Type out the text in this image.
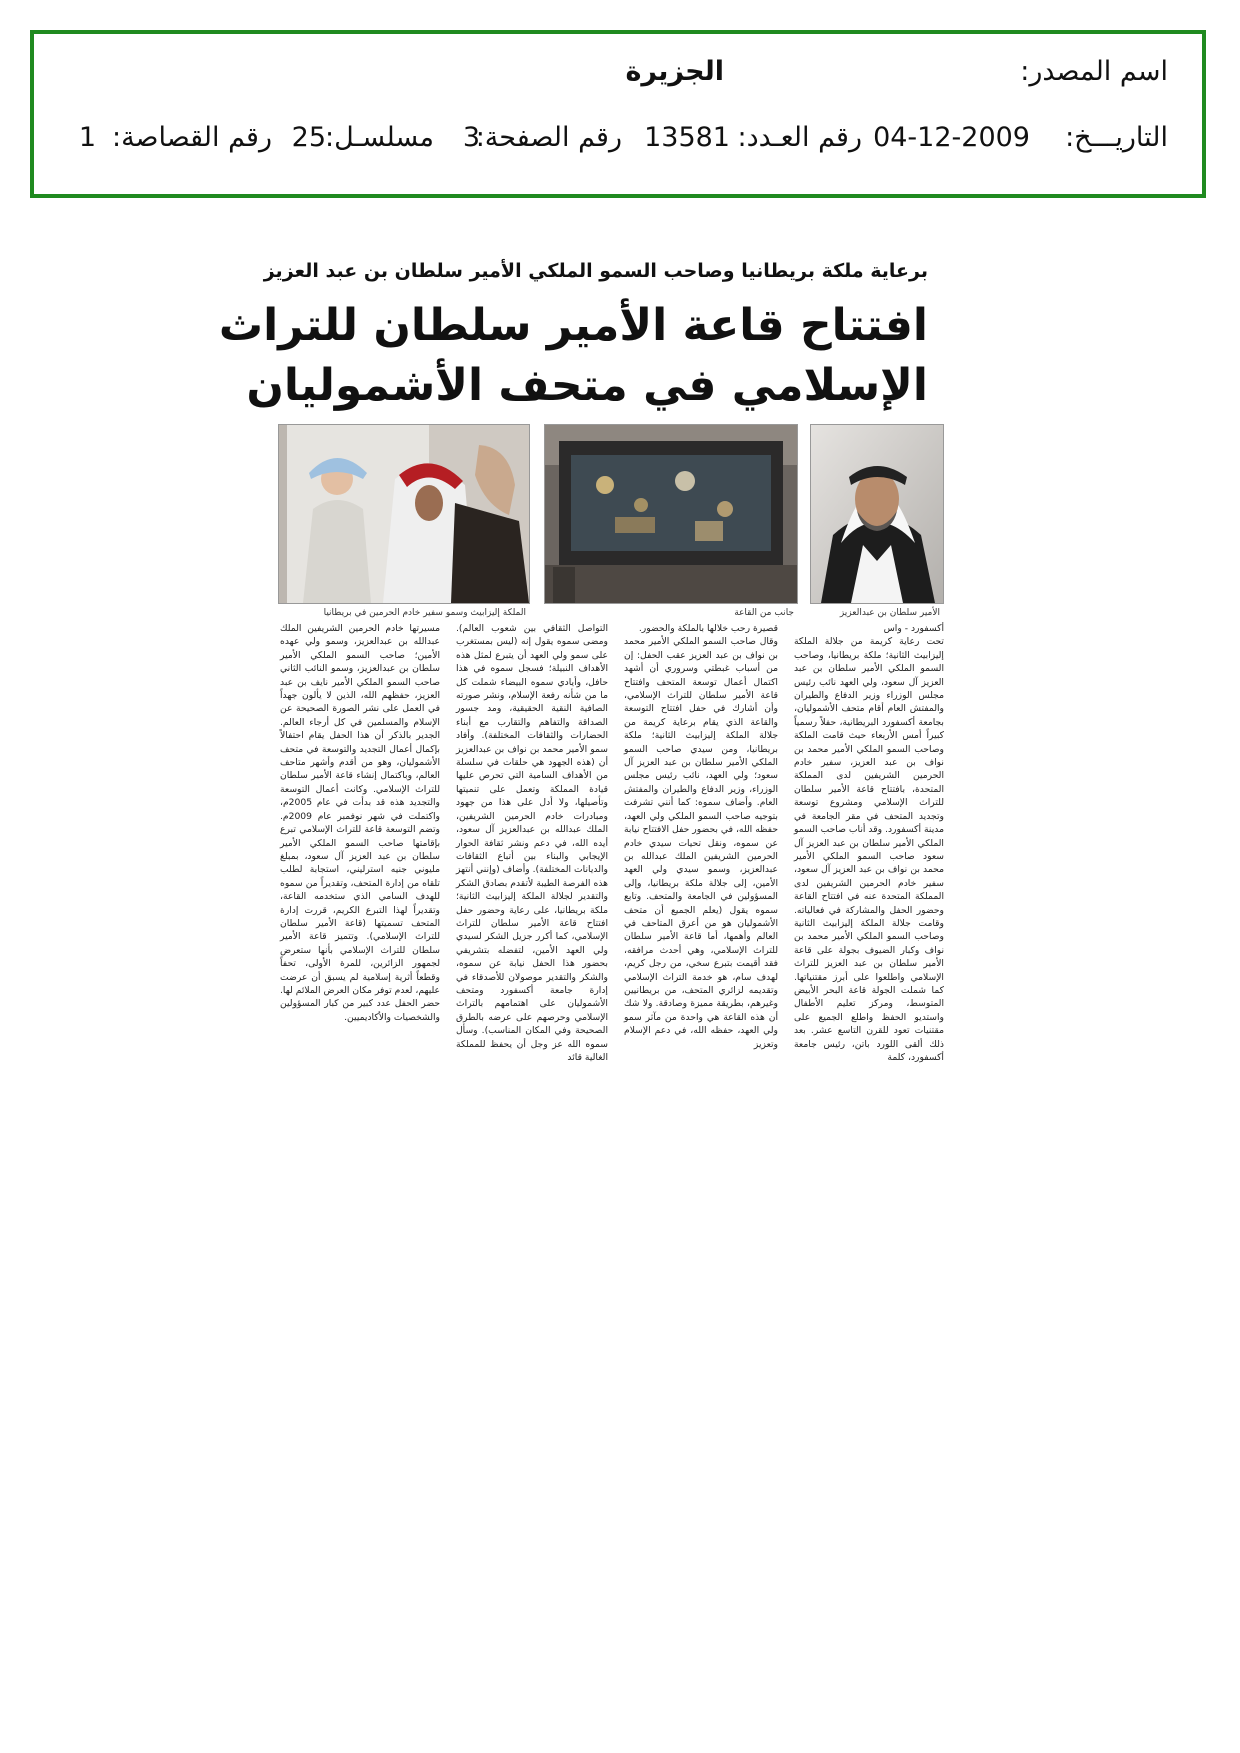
اسم المصدر:
الجزيرة
التاريـــخ:
04-12-2009
رقم العـدد:
13581
رقم الصفحة:
3
مسلسـل:
25
رقم القصاصة:
1
برعاية ملكة بريطانيا وصاحب السمو الملكي الأمير سلطان بن عبد العزيز
افتتاح قاعة الأمير سلطان للتراث
الإسلامي في متحف الأشموليان
الأمير سلطان بن عبدالعزيز
جانب من القاعة
الملكة إليزابيث وسمو سفير خادم الحرمين في بريطانيا
أكسفورد - واس
تحت رعاية كريمة من جلالة الملكة إليزابيث الثانية؛ ملكة بريطانيا، وصاحب السمو الملكي الأمير سلطان بن عبد العزيز آل سعود، ولي العهد نائب رئيس مجلس الوزراء وزير الدفاع والطيران والمفتش العام أقام متحف الأشموليان، بجامعة أكسفورد البريطانية، حفلاً رسمياً كبيراً أمس الأربعاء حيث قامت الملكة وصاحب السمو الملكي الأمير محمد بن نواف بن عبد العزيز، سفير خادم الحرمين الشريفين لدى المملكة المتحدة، بافتتاح قاعة الأمير سلطان للتراث الإسلامي ومشروع توسعة وتجديد المتحف في مقر الجامعة في مدينة أكسفورد. وقد أناب صاحب السمو الملكي الأمير سلطان بن عبد العزيز آل سعود صاحب السمو الملكي الأمير محمد بن نواف بن عبد العزيز آل سعود، سفير خادم الحرمين الشريفين لدى المملكة المتحدة عنه في افتتاح القاعة وحضور الحفل والمشاركة في فعالياته. وقامت جلالة الملكة إليزابيث الثانية وصاحب السمو الملكي الأمير محمد بن نواف وكبار الضيوف بجولة على قاعة الأمير سلطان بن عبد العزيز للتراث الإسلامي واطلعوا على أبرز مقتنياتها. كما شملت الجولة قاعة البحر الأبيض المتوسط، ومركز تعليم الأطفال واستديو الحفظ واطلع الجميع على مقتنيات تعود للقرن التاسع عشر. بعد ذلك ألقى اللورد باتن، رئيس جامعة أكسفورد، كلمة
قصيرة رحب خلالها بالملكة والحضور.
وقال صاحب السمو الملكي الأمير محمد بن نواف بن عبد العزيز عقب الحفل: إن من أسباب غبطتي وسروري أن أشهد اكتمال أعمال توسعة المتحف وافتتاح قاعة الأمير سلطان للتراث الإسلامي، وأن أشارك في حفل افتتاح التوسعة والقاعة الذي يقام برعاية كريمة من جلالة الملكة إليزابيث الثانية؛ ملكة بريطانيا، ومن سيدي صاحب السمو الملكي الأمير سلطان بن عبد العزيز آل سعود؛ ولي العهد، نائب رئيس مجلس الوزراء، وزير الدفاع والطيران والمفتش العام. وأضاف سموه: كما أنني تشرفت بتوجيه صاحب السمو الملكي ولي العهد، حفظه الله، في بحضور حفل الافتتاح نيابة عن سموه، ونقل تحيات سيدي خادم الحرمين الشريفين الملك عبدالله بن عبدالعزيز، وسمو سيدي ولي العهد الأمين، إلى جلالة ملكة بريطانيا، وإلى المسؤولين في الجامعة والمتحف. وتابع سموه يقول (يعلم الجميع أن متحف الأشموليان هو من أعرق المتاحف في العالم وأهمها، أما قاعة الأمير سلطان للتراث الإسلامي، وهي أحدث مرافقه، فقد أقيمت بتبرع سخي، من رجل كريم، لهدف سام، هو خدمة التراث الإسلامي وتقديمه لزائري المتحف، من بريطانيين وغيرهم، بطريقة مميزة وصادقة. ولا شك أن هذه القاعة هي واحدة من مآثر سمو ولي العهد، حفظه الله، في دعم الإسلام وتعزيز
التواصل الثقافي بين شعوب العالم). ومضى سموه يقول إنه (ليس بمستغرب على سمو ولي العهد أن يتبرع لمثل هذه الأهداف النبيلة؛ فسجل سموه في هذا حافل، وأيادي سموه البيضاء شملت كل ما من شأنه رفعة الإسلام، ونشر صورته الصافية النقية الحقيقية، ومد جسور الصداقة والتفاهم والتقارب مع أبناء الحضارات والثقافات المختلفة). وأفاد سمو الأمير محمد بن نواف بن عبدالعزيز أن (هذه الجهود هي حلقات في سلسلة من الأهداف السامية التي تحرص عليها قيادة المملكة وتعمل على تنميتها وتأصيلها، ولا أدل على هذا من جهود ومبادرات خادم الحرمين الشريفين، الملك عبدالله بن عبدالعزيز آل سعود، أيده الله، في دعم ونشر ثقافة الحوار الإيجابي والبناء بين أتباع الثقافات والديانات المختلفة). وأضاف (وإنني أنتهز هذه الفرصة الطيبة لأتقدم بصادق الشكر والتقدير لجلالة الملكة إليزابيث الثانية؛ ملكة بريطانيا، على رعاية وحضور حفل افتتاح قاعة الأمير سلطان للتراث الإسلامي، كما أكرر جزيل الشكر لسيدي ولي العهد الأمين، لتفضله بتشريفي بحضور هذا الحفل نيابة عن سموه، والشكر والتقدير موصولان للأصدقاء في إدارة جامعة أكسفورد ومتحف الأشموليان على اهتمامهم بالتراث الإسلامي وحرصهم على عرضه بالطرق الصحيحة وفي المكان المناسب). وسأل سموه الله عز وجل أن يحفظ للمملكة الغالية قائد
مسيرتها خادم الحرمين الشريفين الملك عبدالله بن عبدالعزيز، وسمو ولي عهده الأمين؛ صاحب السمو الملكي الأمير سلطان بن عبدالعزيز، وسمو النائب الثاني صاحب السمو الملكي الأمير نايف بن عبد العزيز، حفظهم الله، الذين لا يألون جهداً في العمل على نشر الصورة الصحيحة عن الإسلام والمسلمين في كل أرجاء العالم. الجدير بالذكر أن هذا الحفل يقام احتفالاً بإكمال أعمال التجديد والتوسعة في متحف الأشموليان، وهو من أقدم وأشهر متاحف العالم، وباكتمال إنشاء قاعة الأمير سلطان للتراث الإسلامي. وكانت أعمال التوسعة والتجديد هذه قد بدأت في عام 2005م، واكتملت في شهر نوفمبر عام 2009م. وتضم التوسعة قاعة للتراث الإسلامي تبرع بإقامتها صاحب السمو الملكي الأمير سلطان بن عبد العزيز آل سعود، بمبلغ مليوني جنيه استرليني، استجابة لطلب تلقاه من إدارة المتحف، وتقديراً من سموه للهدف السامي الذي ستخدمه القاعة، وتقديراً لهذا التبرع الكريم، قررت إدارة المتحف تسميتها (قاعة الأمير سلطان للتراث الإسلامي). وتتميز قاعة الأمير سلطان للتراث الإسلامي بأنها ستعرض لجمهور الزائرين، للمرة الأولى، تحفاً وقطعاً أثرية إسلامية لم يسبق أن عرضت عليهم، لعدم توفر مكان العرض الملائم لها. حضر الحفل عدد كبير من كبار المسؤولين والشخصيات والأكاديميين.
